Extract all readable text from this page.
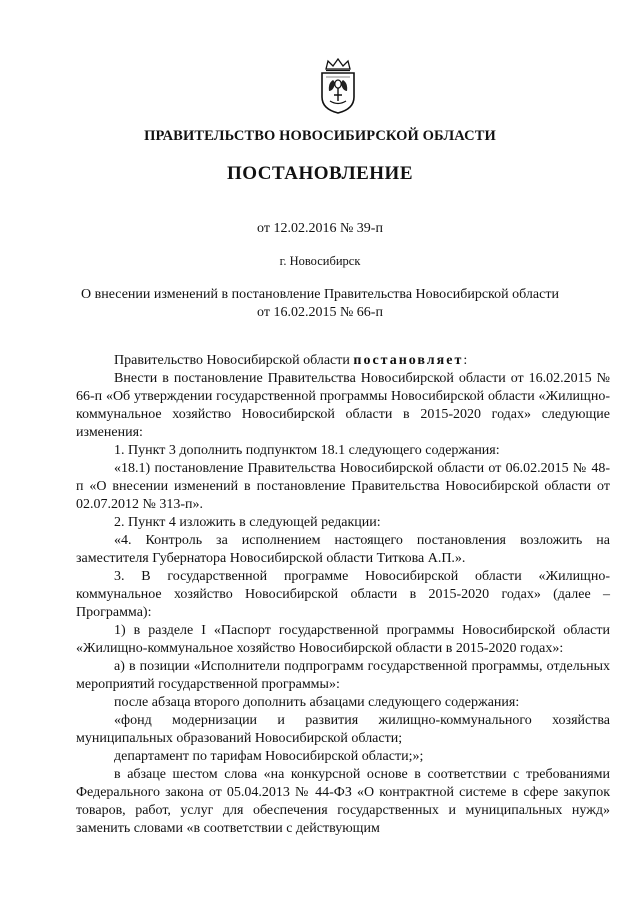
ПРАВИТЕЛЬСТВО НОВОСИБИРСКОЙ ОБЛАСТИ
ПОСТАНОВЛЕНИЕ
от 12.02.2016 № 39-п
г. Новосибирск
О внесении изменений в постановление Правительства Новосибирской области
от 16.02.2015 № 66-п

Правительство Новосибирской области постановляет:

Внести в постановление Правительства Новосибирской области от 16.02.2015 № 66-п «Об утверждении государственной программы Новосибирской области «Жилищно-коммунальное хозяйство Новосибирской области в 2015-2020 годах» следующие изменения:

1. Пункт 3 дополнить подпунктом 18.1 следующего содержания:

«18.1) постановление Правительства Новосибирской области от 06.02.2015 № 48-п «О внесении изменений в постановление Правительства Новосибирской области от 02.07.2012 № 313-п».

2. Пункт 4 изложить в следующей редакции:

«4. Контроль за исполнением настоящего постановления возложить на заместителя Губернатора Новосибирской области Титкова А.П.».

3. В государственной программе Новосибирской области «Жилищно-коммунальное хозяйство Новосибирской области в 2015-2020 годах» (далее – Программа):

1) в разделе I «Паспорт государственной программы Новосибирской области «Жилищно-коммунальное хозяйство Новосибирской области в 2015-2020 годах»:

а) в позиции «Исполнители подпрограмм государственной программы, отдельных мероприятий государственной программы»:

после абзаца второго дополнить абзацами следующего содержания:

«фонд модернизации и развития жилищно-коммунального хозяйства муниципальных образований Новосибирской области;

департамент по тарифам Новосибирской области;»;

в абзаце шестом слова «на конкурсной основе в соответствии с требованиями Федерального закона от 05.04.2013 № 44-ФЗ «О контрактной системе в сфере закупок товаров, работ, услуг для обеспечения государственных и муниципальных нужд» заменить словами «в соответствии с действующим
